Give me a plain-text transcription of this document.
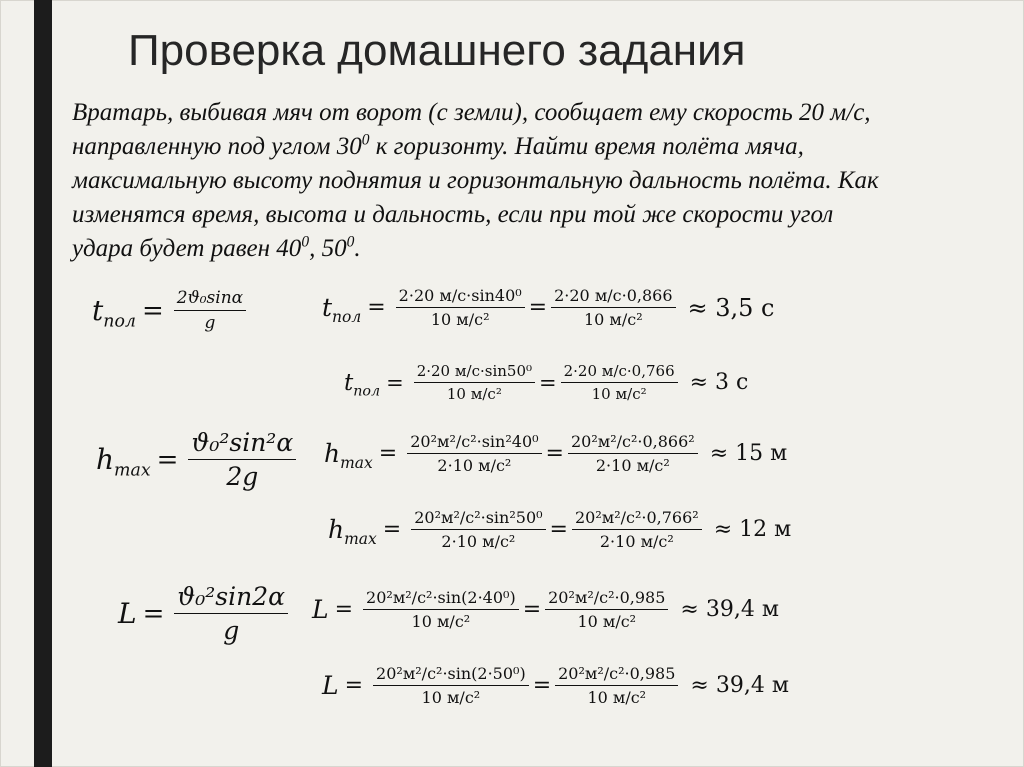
Проверка домашнего задания
Вратарь, выбивая мяч от ворот (с земли), сообщает ему скорость 20 м/с,
направленную под углом $30^0$ к горизонту. Найти время полёта мяча,
максимальную высоту поднятия и горизонтальную дальность полёта. Как
изменятся время, высота и дальность, если при той же скорости угол
удара будет равен $40^0$, $50^0$.
$t_{пол} = \frac{\text{2ϑ₀sinα}}{g}$	$t_{пол} = \frac{\text{2·20 м/с·sin40⁰}}{\text{10 м/с²}} = \frac{2\cdot 20 м/с\cdot 0,866}{\text{10 м/с²}} \approx 3,5$ с
$t_{пол} = \frac{\text{2·20 м/с·sin50⁰}}{\text{10 м/с²}} = \frac{2\cdot 20 м/с\cdot 0,766}{\text{10 м/с²}} \approx 3$ с
$h_{max} = \frac{\text{ϑ₀²sin²α}}{2g} h_{max} = \frac{\text{20²м²/с²·sin²40⁰}}{\text{2·10 м/с²}} = \frac{\text{20²м²/с²·0,866²}}{\text{2·10 м/с²}} \approx 15$ м
$h_{max} = \frac{\text{20²м²/с²·sin²50⁰}}{\text{2·10 м/с²}} = \frac{\text{20²м²/с²·0,766²}}{\text{2·10 м/с²}} \approx 12$ м
$L = \frac{\text{ϑ₀²sin2α}}{g}$ $L = \frac{\text{20²м²/с²·sin(2·40⁰)}}{\text{10 м/с²}} = \frac{\text{20²м²/с²·0,985}}{\text{10 м/с²}} \approx 39,4$ м
$L = \frac{\text{20²м²/с²·sin(2·50⁰)}}{\text{10 м/с²}} = \frac{\text{20²м²/с²·0,985}}{\text{10 м/с²}} \approx 39,4$ м
